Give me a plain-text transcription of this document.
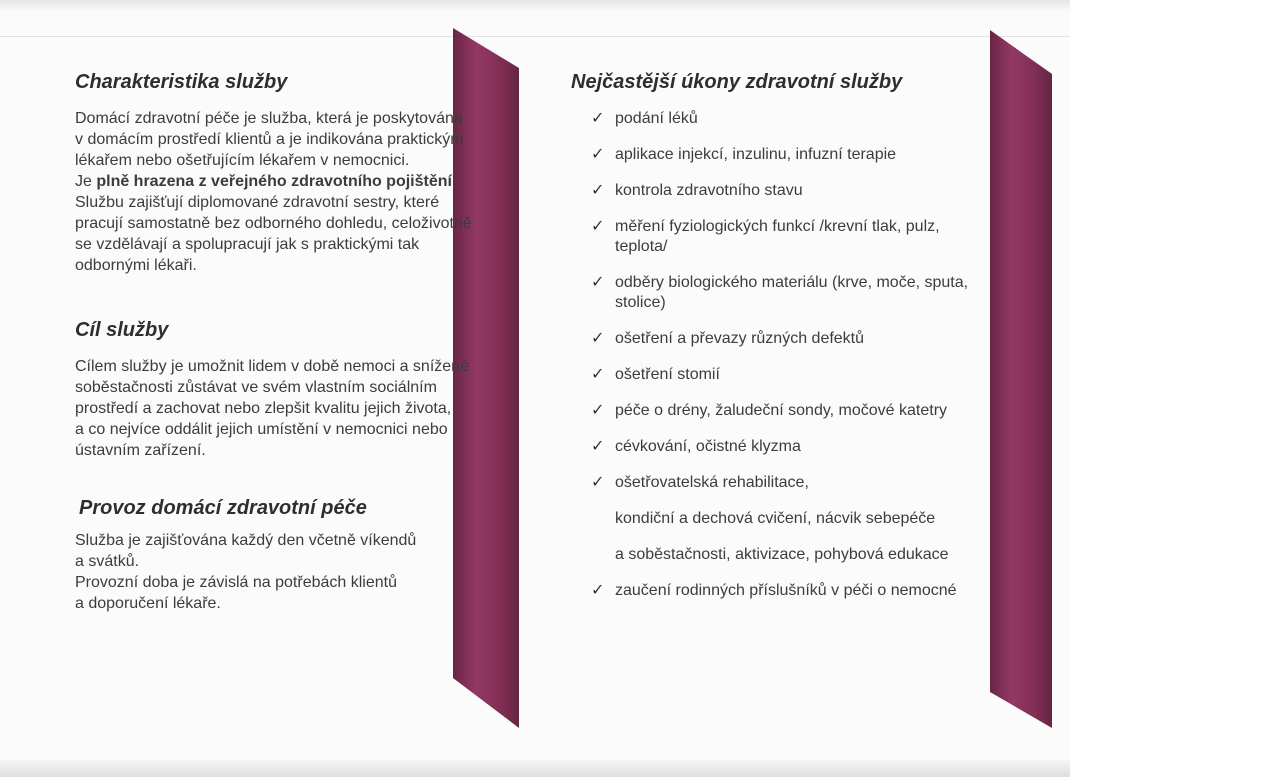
Charakteristika služby

Domácí zdravotní péče je služba, která je poskytována
v domácím prostředí klientů a je indikována praktickým
lékařem nebo ošetřujícím lékařem v nemocnici.
Je plně hrazena z veřejného zdravotního pojištění.
Službu zajišťují diplomované zdravotní sestry, které
pracují samostatně bez odborného dohledu, celoživotně
se vzdělávají a spolupracují jak s praktickými tak
odbornými lékaři.

Cíl služby

Cílem služby je umožnit lidem v době nemoci a snížené
soběstačnosti zůstávat ve svém vlastním sociálním
prostředí a zachovat nebo zlepšit kvalitu jejich života,
a co nejvíce oddálit jejich umístění v nemocnici nebo
ústavním zařízení.

Provoz domácí zdravotní péče

Služba je zajišťována každý den včetně víkendů
a svátků.
Provozní doba je závislá na potřebách klientů
a doporučení lékaře.

Nejčastější úkony zdravotní služby
✓ podání léků
✓ aplikace injekcí, inzulinu, infuzní terapie
✓ kontrola zdravotního stavu
✓ měření fyziologických funkcí /krevní tlak, pulz,
teplota/
✓ odběry biologického materiálu (krve, moče, sputa,
stolice)
✓ ošetření a převazy různých defektů
✓ ošetření stomií
✓ péče o drény, žaludeční sondy, močové katetry
✓ cévkování, očistné klyzma
✓ ošetřovatelská rehabilitace,
kondiční a dechová cvičení, nácvik sebepéče
a soběstačnosti, aktivizace, pohybová edukace
✓ zaučení rodinných příslušníků v péči o nemocné
